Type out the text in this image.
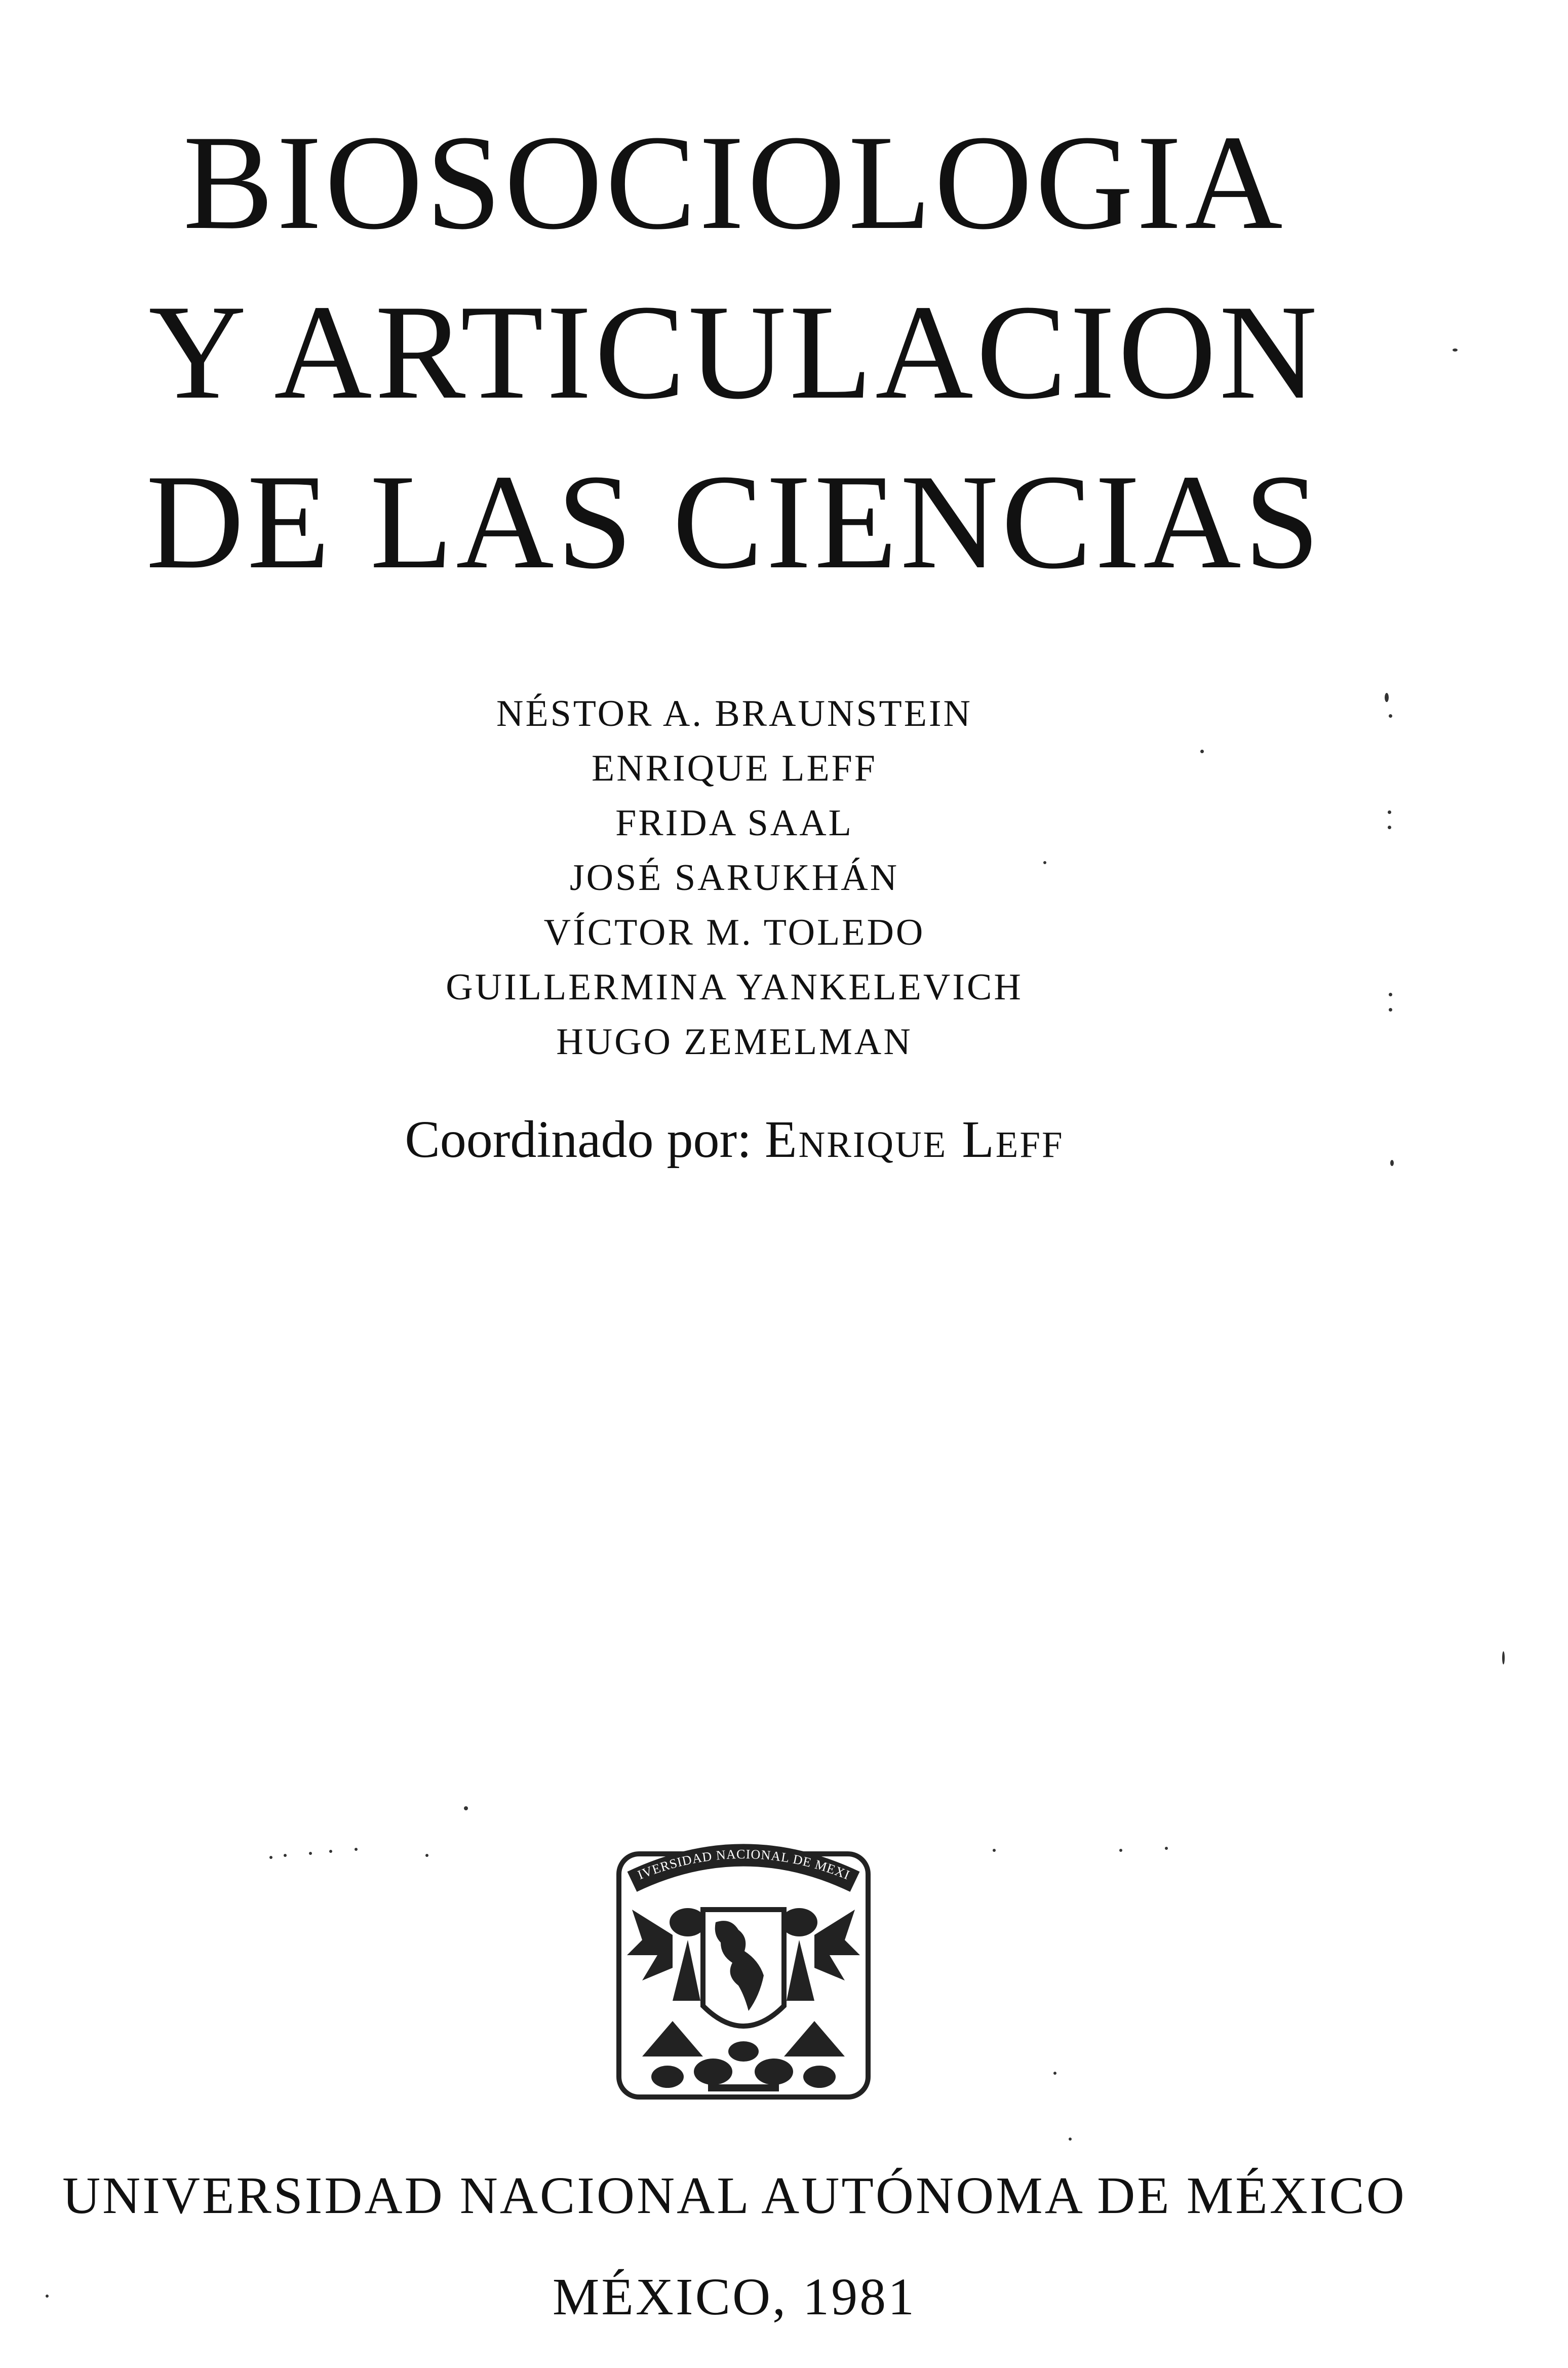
BIOSOCIOLOGIA
Y ARTICULACION
DE LAS CIENCIAS
NÉSTOR A. BRAUNSTEIN
ENRIQUE LEFF
FRIDA SAAL
JOSÉ SARUKHÁN
VÍCTOR M. TOLEDO
GUILLERMINA YANKELEVICH
HUGO ZEMELMAN
Coordinado por: Enrique Leff
IVERSIDAD NACIONAL DE MEXI
UNIVERSIDAD NACIONAL AUTÓNOMA DE MÉXICO
MÉXICO, 1981
